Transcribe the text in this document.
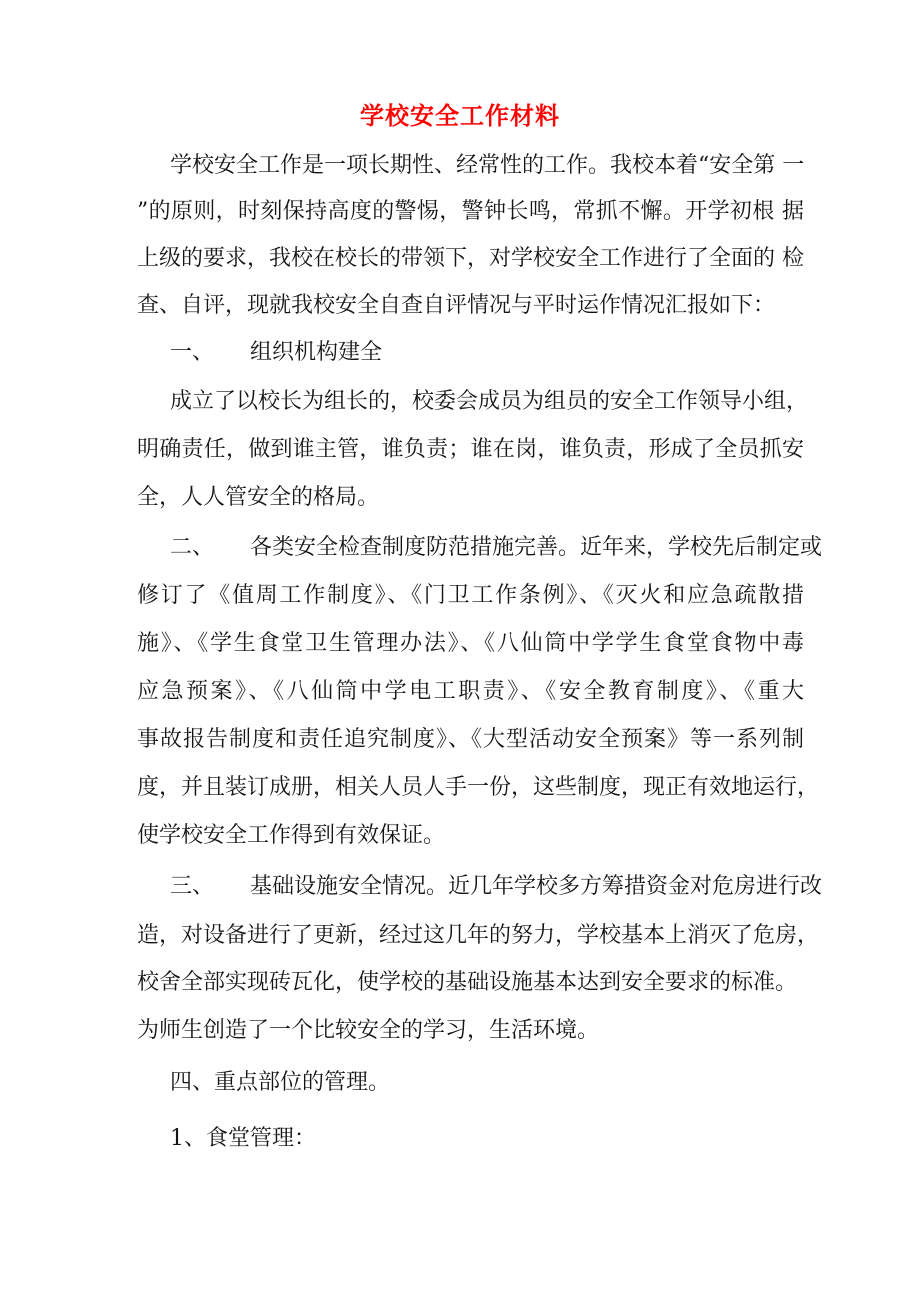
学校安全工作材料
学校安全工作是一项长期性、经常性的工作。我校本着“安全第 一
”的原则，时刻保持高度的警惕，警钟长鸣，常抓不懈。开学初根 据
上级的要求，我校在校长的带领下，对学校安全工作进行了全面的 检
查、自评，现就我校安全自查自评情况与平时运作情况汇报如下：
一、 组织机构建全
成立了以校长为组长的，校委会成员为组员的安全工作领导小组，
明确责任，做到谁主管，谁负责；谁在岗，谁负责，形成了全员抓安
全，人人管安全的格局。
二、 各类安全检查制度防范措施完善。近年来，学校先后制定或
修订了《值周工作制度》、《门卫工作条例》、《灭火和应急疏散措
施》、《学生食堂卫生管理办法》、《八仙筒中学学生食堂食物中毒
应急预案》、《八仙筒中学电工职责》、《安全教育制度》、《重大
事故报告制度和责任追究制度》、《大型活动安全预案》等一系列制
度，并且装订成册，相关人员人手一份，这些制度，现正有效地运行，
使学校安全工作得到有效保证。
三、 基础设施安全情况。近几年学校多方筹措资金对危房进行改
造，对设备进行了更新，经过这几年的努力，学校基本上消灭了危房，
校舍全部实现砖瓦化，使学校的基础设施基本达到安全要求的标准。
为师生创造了一个比较安全的学习，生活环境。
四、重点部位的管理。
1、食堂管理：
